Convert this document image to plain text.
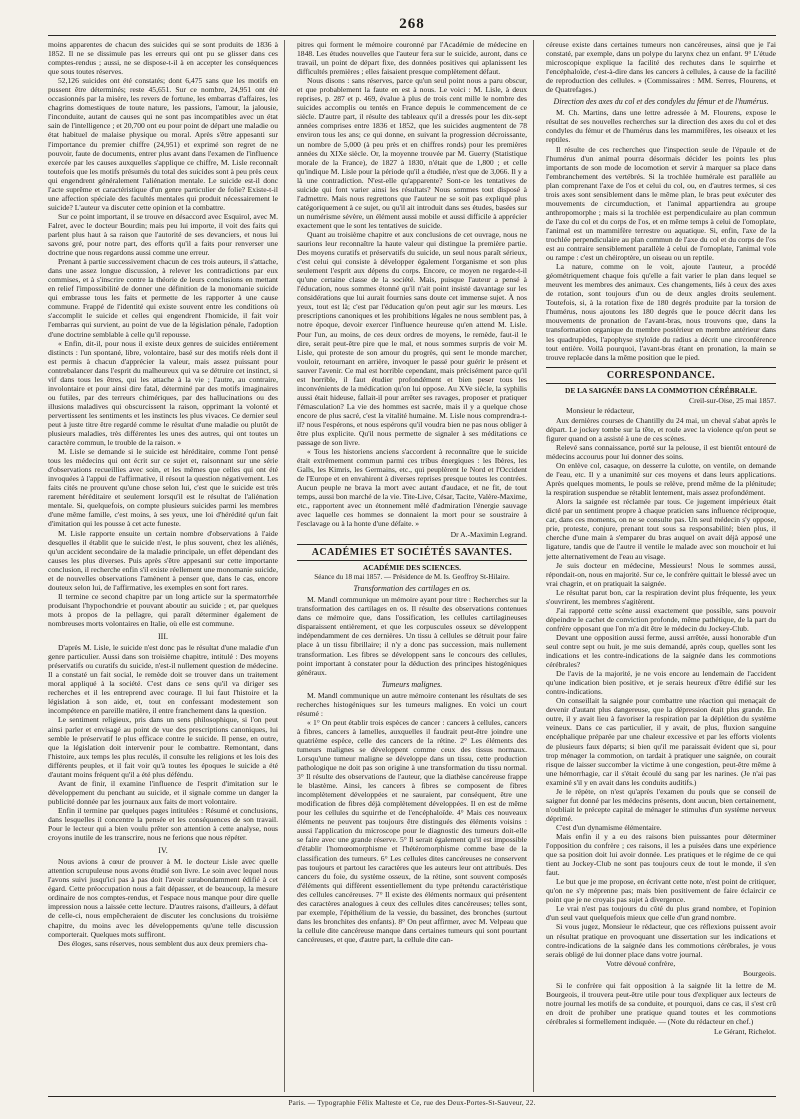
268

moins apparentes de chacun des suicides qui se sont produits de 1836 à 1852. Il ne se dissimule pas les erreurs qui ont pu se glisser dans ces comptes-rendus ; aussi, ne se dispose-t-il à en accepter les conséquences que sous toutes réserves.

52,126 suicides ont été constatés; dont 6,475 sans que les motifs en pussent être déterminés; reste 45,651. Sur ce nombre, 24,951 ont été occasionnés par la misère, les revers de fortune, les embarras d'affaires, les chagrins domestiques de toute nature, les passions, l'amour, la jalousie, l'inconduite, autant de causes qui ne sont pas incompatibles avec un état sain de l'intelligence ; et 20,700 ont eu pour point de départ une maladie ou état habituel de malaise physique ou moral. Après s'être appesanti sur l'importance du premier chiffre (24,951) et exprimé son regret de ne pouvoir, faute de documents, entrer plus avant dans l'examen de l'influence exercée par les causes auxquelles s'applique ce chiffre, M. Lisle reconnaît toutefois que les motifs présumés du total des suicides sont à peu près ceux qui engendrent généralement l'aliénation mentale. Le suicide est-il donc l'acte suprême et caractéristique d'un genre particulier de folie? Existe-t-il une affection spéciale des facultés mentales qui produit nécessairement le suicide? L'auteur va discuter cette opinion et la combattre.

Sur ce point important, il se trouve en désaccord avec Esquirol, avec M. Falret, avec le docteur Bourdin; mais peu lui importe, il voit des faits qui parlent plus haut à sa raison que l'autorité de ses devanciers, et nous lui savons gré, pour notre part, des efforts qu'il a faits pour renverser une doctrine que nous regardons aussi comme une erreur.

Prenant à partie successivement chacun de ces trois auteurs, il s'attache, dans une assez longue discussion, à relever les contradictions par eux commises, et à s'inscrire contre la théorie de leurs conclusions en mettant en relief l'impossibilité de donner une définition de la monomanie suicide qui embrasse tous les faits et permette de les rapporter à une cause commune. Frappé de l'identité qui existe souvent entre les conditions où s'accomplit le suicide et celles qui engendrent l'homicide, il fait voir l'embarras qui survient, au point de vue de la législation pénale, l'adoption d'une doctrine semblable à celle qu'il repousse.

« Enfin, dit-il, pour nous il existe deux genres de suicides entièrement distincts : l'un spontané, libre, volontaire, basé sur des motifs réels dont il est permis à chacun d'apprécier la valeur, mais assez puissant pour contrebalancer dans l'esprit du malheureux qui va se détruire cet instinct, si vif dans tous les êtres, qui les attache à la vie ; l'autre, au contraire, involontaire et pour ainsi dire fatal, déterminé par des motifs imaginaires ou futiles, par des terreurs chimériques, par des hallucinations ou des illusions maladives qui obscurcissent la raison, opprimant la volonté et pervertissent les sentiments et les instincts les plus vivaces. Ce dernier seul peut à juste titre être regardé comme le résultat d'une maladie ou plutôt de plusieurs maladies, très différentes les unes des autres, qui ont toutes un caractère commun, le trouble de la raison. »

M. Lisle se demande si le suicide est héréditaire, comme l'ont pensé tous les médecins qui ont écrit sur ce sujet et, raisonnant sur une série d'observations recueillies avec soin, et les mêmes que celles qui ont été invoquées à l'appui de l'affirmative, il résout la question négativement. Les faits cités ne prouvent qu'une chose selon lui, c'est que le suicide est très rarement héréditaire et seulement lorsqu'il est le résultat de l'aliénation mentale. Si, quelquefois, on compte plusieurs suicides parmi les membres d'une même famille, c'est moins, à ses yeux, une loi d'hérédité qu'un fait d'imitation qui les pousse à cet acte funeste.

M. Lisle rapporte ensuite un certain nombre d'observations à l'aide desquelles il établit que le suicide n'est, le plus souvent, chez les aliénés, qu'un accident secondaire de la maladie principale, un effet dépendant des causes les plus diverses. Puis après s'être appesanti sur cette importante conclusion, il recherche enfin s'il existe réellement une monomanie suicide, et de nouvelles observations l'amènent à penser que, dans le cas, encore douteux selon lui, de l'affirmative, les exemples en sont fort rares.

Il termine ce second chapitre par un long article sur la spermatorrhée produisant l'hypochondrie et pouvant aboutir au suicide ; et, par quelques mots à propos de la pellagre, qui paraît déterminer également de nombreuses morts volontaires en Italie, où elle est commune.

III.

D'après M. Lisle, le suicide n'est donc pas le résultat d'une maladie d'un genre particulier. Aussi dans son troisième chapitre, intitulé : Des moyens préservatifs ou curatifs du suicide, n'est-il nullement question de médecine. Il a constaté un fait social, le remède doit se trouver dans un traitement moral appliqué à la société. C'est dans ce sens qu'il va diriger ses recherches et il les entreprend avec courage. Il lui faut l'histoire et la législation à son aide, et, tout en confessant modestement son incompétence en pareille matière, il entre franchement dans la question.

Le sentiment religieux, pris dans un sens philosophique, si l'on peut ainsi parler et envisagé au point de vue des prescriptions canoniques, lui semble le préservatif le plus efficace contre le suicide. Il pense, en outre, que la législation doit intervenir pour le combattre. Remontant, dans l'histoire, aux temps les plus reculés, il consulte les religions et les lois des différents peuples, et il fait voir qu'à toutes les époques le suicide a été d'autant moins fréquent qu'il a été plus déféndu.

Avant de finir, il examine l'influence de l'esprit d'imitation sur le développement du penchant au suicide, et il signale comme un danger la publicité donnée par les journaux aux faits de mort volontaire.

Enfin il termine par quelques pages intitulées : Résumé et conclusions, dans lesquelles il concentre la pensée et les conséquences de son travail. Pour le lecteur qui a bien voulu prêter son attention à cette analyse, nous croyons inutile de les transcrire, nous ne ferions que nous répéter.

IV.

Nous avions à cœur de prouver à M. le docteur Lisle avec quelle attention scrupuleuse nous avons étudié son livre. Le soin avec lequel nous l'avons suivi jusqu'ici pas à pas doit l'avoir surabondamment édifié à cet égard. Cette préoccupation nous a fait dépasser, et de beaucoup, la mesure ordinaire de nos comptes-rendus, et l'espace nous manque pour dire quelle impression nous a laissée cette lecture. D'autres raisons, d'ailleurs, à défaut de celle-ci, nous empêcheraient de discuter les conclusions du troisième chapitre, du moins avec les développements qu'une telle discussion comporterait. Quelques mots suffiront.

Des éloges, sans réserves, nous semblent dus aux deux premiers cha-

pitres qui forment le mémoire couronné par l'Académie de médecine en 1848. Les études nouvelles que l'auteur fera sur le suicide, auront, dans ce travail, un point de départ fixe, des données positives qui aplanissent les difficultés premières ; elles faisaient presque complètement défaut.

Nous disons : sans réserves, parce qu'un seul point nous a paru obscur, et que probablement la faute en est à nous. Le voici : M. Lisle, à deux reprises, p. 287 et p. 469, évalue à plus de trois cent mille le nombre des suicides accomplis ou tentés en France depuis le commencement de ce siècle. D'autre part, il résulte des tableaux qu'il a dressés pour les dix-sept années comprises entre 1836 et 1852, que les suicides augmentent de 78 environ tous les ans; ce qui donne, en suivant la progression décroissante, un nombre de 5,000 (à peu près et en chiffres ronds) pour les premières années du XIXe siècle. Or, la moyenne trouvée par M. Guerry (Statistique morale de la France), de 1827 à 1830, n'était que de 1,800 ; et celle qu'indique M. Lisle pour la période qu'il a étudiée, n'est que de 3,066. Il y a là une contradiction. N'est-elle qu'apparente? Sont-ce les tentatives de suicide qui font varier ainsi les résultats? Nous sommes tout disposé à l'admettre. Mais nous regrettons que l'auteur ne se soit pas expliqué plus catégoriquement à ce sujet, ou qu'il ait introduit dans ses études, basées sur un numérisme sévère, un élément aussi mobile et aussi difficile à apprécier exactement que le sont les tentatives de suicide.

Quant au troisième chapitre et aux conclusions de cet ouvrage, nous ne saurions leur reconnaître la haute valeur qui distingue la première partie. Des moyens curatifs et préservatifs du suicide, un seul nous paraît sérieux, c'est celui qui consiste à développer également l'organisme et son plus seulement l'esprit aux dépens du corps. Encore, ce moyen ne regarde-t-il qu'une certaine classe de la société. Mais, puisque l'auteur a pensé à l'éducation, nous sommes étonné qu'il n'ait point insisté davantage sur les considérations que lui aurait fournies sans doute cet immense sujet. À nos yeux, tout est là; c'est par l'éducation qu'on peut agir sur les mœurs. Les prescriptions canoniques et les prohibitions légales ne nous semblent pas, à notre époque, devoir exercer l'influence heureuse qu'en attend M. Lisle. Pour l'un, au moins, de ces deux ordres de moyens, le remède, faut-il le dire, serait peut-être pire que le mal, et nous sommes surpris de voir M. Lisle, qui proteste de son amour du progrès, qui sent le monde marcher, vouloir, retournant en arrière, invoquer le passé pour guérir le présent et sauver l'avenir. Ce mal est horrible cependant, mais précisément parce qu'il est horrible, il faut étudier profondément et bien peser tous les inconvénients de la médication qu'on lui oppose. Au XVe siècle, la syphilis aussi était hideuse, fallait-il pour arrêter ses ravages, proposer et pratiquer l'émasculation? La vie des hommes est sacrée, mais il y a quelque chose encore de plus sacré, c'est la vitalité humaine. M. Lisle nous comprendra-t-il? nous l'espérons, et nous espérons qu'il voudra bien ne pas nous obliger à être plus explicite. Qu'il nous permette de signaler à ses méditations ce passage de son livre.

« Tous les historiens anciens s'accordent à reconnaître que le suicide était extrêmement commun parmi ces tribus énergiques : les Ibères, les Galls, les Kimris, les Germains, etc., qui peuplèrent le Nord et l'Occident de l'Europe et en envahirent à diverses reprises presque toutes les contrées. Aucun peuple ne brava la mort avec autant d'audace, et ne fit, de tout temps, aussi bon marché de la vie. Tite-Live, César, Tacite, Valère-Maxime, etc., rapportent avec un étonnement mêlé d'admiration l'énergie sauvage avec laquelle ces hommes se donnaient la mort pour se soustraire à l'esclavage ou à la honte d'une défaite. »

Dr A.-Maximin Legrand.
ACADÉMIES ET SOCIÉTÉS SAVANTES.
ACADÉMIE DES SCIENCES.
Séance du 18 mai 1857. — Présidence de M. Is. Geoffroy St-Hilaire.
Transformation des cartilages en os.

M. Mandl communique un mémoire ayant pour titre : Recherches sur la transformation des cartilages en os. Il résulte des observations contenues dans ce mémoire que, dans l'ossification, les cellules cartilagineuses disparaissent entièrement, et que les corpuscules osseux se développent indépendamment de ces dernières. Un tissu à cellules se détruit pour faire place à un tissu fibrillaire; il n'y a donc pas succession, mais nullement transformation. Les fibres se développent sans le concours des cellules, point important à constater pour la déduction des principes histogéniques généraux.

Tumeurs malignes.

M. Mandl communique un autre mémoire contenant les résultats de ses recherches histogéniques sur les tumeurs malignes. En voici un court résumé :

« 1° On peut établir trois espèces de cancer : cancers à cellules, cancers à fibres, cancers à lamelles, auxquelles il faudrait peut-être joindre une quatrième espèce, celle des cancers de la rétine. 2° Les éléments des tumeurs malignes se développent comme ceux des tissus normaux. Lorsqu'une tumeur maligne se développe dans un tissu, cette production pathologique ne doit pas son origine à une transformation du tissu normal. 3° Il résulte des observations de l'auteur, que la diathèse cancéreuse frappe le blastème. Ainsi, les cancers à fibres se composent de fibres incomplètement développées et ne sauraient, par conséquent, être une modification de fibres déjà complètement développées. Il en est de même pour les cellules du squirrhe et de l'encéphaloïde. 4° Mais ces nouveaux éléments ne peuvent pas toujours être distingués des éléments voisins : aussi l'application du microscope pour le diagnostic des tumeurs doit-elle se faire avec une grande réserve. 5° Il serait également qu'il est impossible d'établir l'homœomorphisme et l'hétéromorphisme comme base de la classification des tumeurs. 6° Les cellules dites cancéreuses ne conservent pas toujours et partout les caractères que les auteurs leur ont attribués. Des cancers du foie, du système osseux, de la rétine, sont souvent composés d'éléments qui diffèrent essentiellement du type prétendu caractéristique des cellules cancéreuses. 7° Il existe des éléments normaux qui présentent des caractères analogues à ceux des cellules dites cancéreuses; telles sont, par exemple, l'épithélium de la vessie, du bassinet, des bronches (surtout dans les bronchites des enfants). 8° On peut affirmer, avec M. Velpeau que la cellule dite cancéreuse manque dans certaines tumeurs qui sont pourtant cancéreuses, et que, d'autre part, la cellule dite can-

céreuse existe dans certaines tumeurs non cancéreuses, ainsi que je l'ai constaté, par exemple, dans un polype du larynx chez un enfant. 9° L'étude microscopique explique la facilité des rechutes dans le squirrhe et l'encéphaloïde, c'est-à-dire dans les cancers à cellules, à cause de la facilité de reproduction des cellules. » (Commissaires : MM. Serres, Flourens, et de Quatrefages.)

Direction des axes du col et des condyles du fémur et de l'humérus.

M. Ch. Martins, dans une lettre adressée à M. Flourens, expose le résultat de ses nouvelles recherches sur la direction des axes du col et des condyles du fémur et de l'humérus dans les mammifères, les oiseaux et les reptiles.

Il résulte de ces recherches que l'inspection seule de l'épaule et de l'humérus d'un animal pourra désormais décider les points les plus importants de son mode de locomotion et servir à marquer sa place dans l'embranchement des vertébrés. Si la trochlée humérale est parallèle au plan comprenant l'axe de l'os et celui du col, ou, en d'autres termes, si ces trois axes sont sensiblement dans le même plan, le bras peut exécuter des mouvements de circumduction, et l'animal appartiendra au groupe anthropomorphe ; mais si la trochlée est perpendiculaire au plan commun de l'axe du col et du corps de l'os, et en même temps à celui de l'omoplate, l'animal est un mammifère terrestre ou aquatique. Si, enfin, l'axe de la trochlée perpendiculaire au plan commun de l'axe du col et du corps de l'os est au contraire sensiblement parallèle à celui de l'omoplate, l'animal vole ou rampe : c'est un chéiroptère, un oiseau ou un reptile.

La nature, comme on le voit, ajoute l'auteur, a procédé géométriquement chaque fois qu'elle a fait varier le plan dans lequel se meuvent les membres des animaux. Ces changements, liés à ceux des axes de rotation, sont toujours d'un ou de deux angles droits seulement. Toutefois, si, à la rotation fixe de 180 degrés produite par la torsion de l'humérus, nous ajoutons les 180 degrés que le pouce décrit dans les mouvements de pronation de l'avant-bras, nous trouvons que, dans la transformation organique du membre postérieur en membre antérieur dans les quadrupèdes, l'apophyse styloïde du radius a décrit une circonférence tout entière. Voilà pourquoi, l'avant-bras étant en pronation, la main se trouve replacée dans la même position que le pied.

CORRESPONDANCE.
DE LA SAIGNÉE DANS LA COMMOTION CÉRÉBRALE.
Creil-sur-Oise, 25 mai 1857.

Monsieur le rédacteur,

Aux dernières courses de Chantilly du 24 mai, un cheval s'abat après le départ. Le jockey tombe sur la tête, et roule avec la violence qu'on peut se figurer quand on a assisté à une de ces scènes.

Relevé sans connaissance, porté sur la pelouse, il est bientôt entouré de médecins accourus pour lui donner des soins.

On enlève col, casaque, on desserre la culotte, on ventile, on demande de l'eau, etc. Il y a unanimité sur ces moyens et dans leurs applications. Après quelques moments, le pouls se relève, prend même de la plénitude; la respiration suspendue se rétablit lentement, mais assez profondément.

Alors la saignée est réclamée par tous. Ce jugement impérieux était dicté par un sentiment propre à chaque praticien sans influence réciproque, car, dans ces moments, on ne se consulte pas. Un seul médecin s'y oppose, prie, proteste, conjure, prenant tout sous sa responsabilité; bien plus, il cherche d'une main à s'emparer du bras auquel on avait déjà apposé une ligature, tandis que de l'autre il ventile le malade avec son mouchoir et lui jette alternativement de l'eau au visage.

Je suis docteur en médecine, Messieurs! Nous le sommes aussi, répondait-on, nous en majorité. Sur ce, le confrère quittait le blessé avec un vrai chagrin, et on pratiquait la saignée.

Le résultat parut bon, car la respiration devint plus fréquente, les yeux s'ouvrirent, les membres s'agitèrent.

J'ai rapporté cette scène aussi exactement que possible, sans pouvoir dépeindre le cachet de conviction profonde, même pathétique, de la part du confrère opposant que l'on m'a dit être le médecin du Jockey-Club.

Devant une opposition aussi ferme, aussi arrêtée, aussi honorable d'un seul contre sept ou huit, je me suis demandé, après coup, quelles sont les indications et les contre-indications de la saignée dans les commotions cérébrales?

De l'avis de la majorité, je ne vois encore au lendemain de l'accident qu'une indication bien positive, et je serais heureux d'être édifié sur les contre-indications.

On conseillait la saignée pour combattre une réaction qui menaçait de devenir d'autant plus dangereuse, que la dépression était plus grande. En outre, il y avait lieu à favoriser la respiration par la déplétion du système veineux. Dans ce cas particulier, il y avait, de plus, fluxion sanguine encéphalique préparée par une chaleur excessive et par les efforts violents de plusieurs faux départs; si bien qu'il me paraissait évident que si, pour trop ménager la commotion, on tardait à pratiquer une saignée, on courait risque de laisser succomber la victime à une congestion, peut-être même à une hémorrhagie, car il s'était écoulé du sang par les narines. (Je n'ai pas examiné s'il y en avait dans les conduits auditifs.)

Je le répète, on n'est qu'après l'examen du pouls que se conseil de saigner fut donné par les médecins présents, dont aucun, bien certainement, n'oubliait le précepte capital de ménager le stimulus d'un système nerveux déprimé.

C'est d'un dynamisme élémentaire.

Mais enfin il y a eu des raisons bien puissantes pour déterminer l'opposition du confrère ; ces raisons, il les a puisées dans une expérience que sa position doit lui avoir donnée. Les pratiques et le régime de ce qui tient au Jockey-Club ne sont pas toujours ceux de tout le monde, il s'en faut.

Le but que je me propose, en écrivant cette note, n'est point de critiquer, qu'on ne s'y méprenne pas; mais bien positivement de faire éclaircir ce point que je ne croyais pas sujet à divergence.

Le vrai n'est pas toujours du côté du plus grand nombre, et l'opinion d'un seul vaut quelquefois mieux que celle d'un grand nombre.

Si vous jugez, Monsieur le rédacteur, que ces réflexions puissent avoir un résultat pratique en provoquant une dissertation sur les indications et contre-indications de la saignée dans les commotions cérébrales, je vous serais obligé de lui donner place dans votre journal.

Votre dévoué confrère,

Bourgeois.

Si le confrère qui fait opposition à la saignée lit la lettre de M. Bourgeois, il trouvera peut-être utile pour tous d'expliquer aux lecteurs de notre journal les motifs de sa conduite, et pourquoi, dans ce cas, il s'est crû en droit de prohiber une pratique quand toutes et les commotions cérébrales si formellement indiquée. — (Note du rédacteur en chef.)

Le Gérant, Richelot.
Paris. — Typographie Félix Malteste et Ce, rue des Deux-Portes-St-Sauveur, 22.
